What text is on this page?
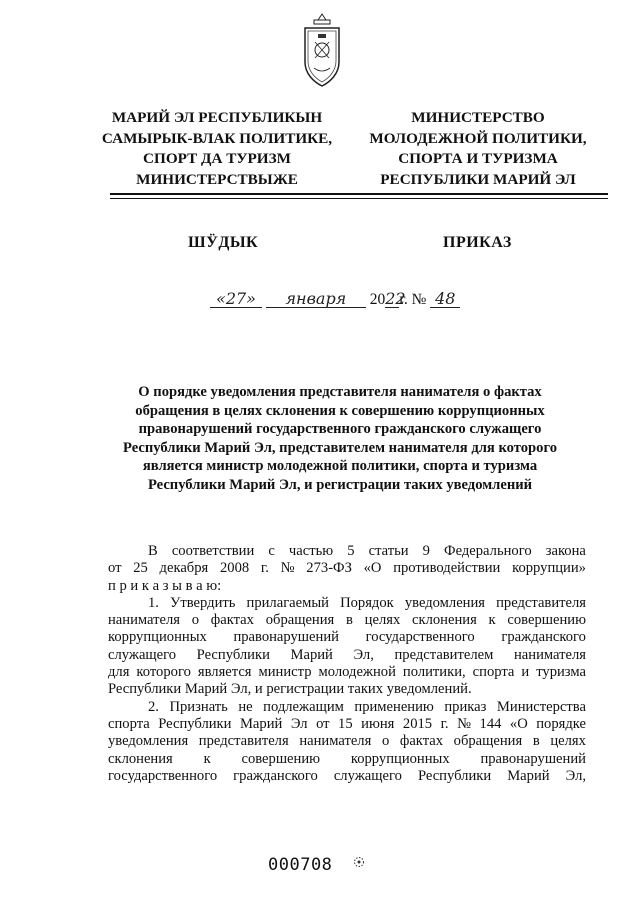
МАРИЙ ЭЛ РЕСПУБЛИКЫН
САМЫРЫК-ВЛАК ПОЛИТИКЕ,
СПОРТ ДА ТУРИЗМ
МИНИСТЕРСТВЫЖЕ
МИНИСТЕРСТВО
МОЛОДЕЖНОЙ ПОЛИТИКИ,
СПОРТА И ТУРИЗМА
РЕСПУБЛИКИ МАРИЙ ЭЛ
ШӰДЫК	ПРИКАЗ
«27» января 2022г. № 48
О порядке уведомления представителя нанимателя о фактах
обращения в целях склонения к совершению коррупционных
правонарушений государственного гражданского служащего
Республики Марий Эл, представителем нанимателя для которого
является министр молодежной политики, спорта и туризма
Республики Марий Эл, и регистрации таких уведомлений
В соответствии с частью 5 статьи 9 Федерального закона
от 25 декабря 2008 г. № 273-ФЗ «О противодействии коррупции»
п р и к а з ы в а ю:
1. Утвердить прилагаемый Порядок уведомления представителя
нанимателя о фактах обращения в целях склонения к совершению
коррупционных правонарушений государственного гражданского
служащего Республики Марий Эл, представителем нанимателя
для которого является министр молодежной политики, спорта и туризма
Республики Марий Эл, и регистрации таких уведомлений.
2. Признать не подлежащим применению приказ Министерства
спорта Республики Марий Эл от 15 июня 2015 г. № 144 «О порядке
уведомления представителя нанимателя о фактах обращения в целях
склонения к совершению коррупционных правонарушений
государственного гражданского служащего Республики Марий Эл,
000708
